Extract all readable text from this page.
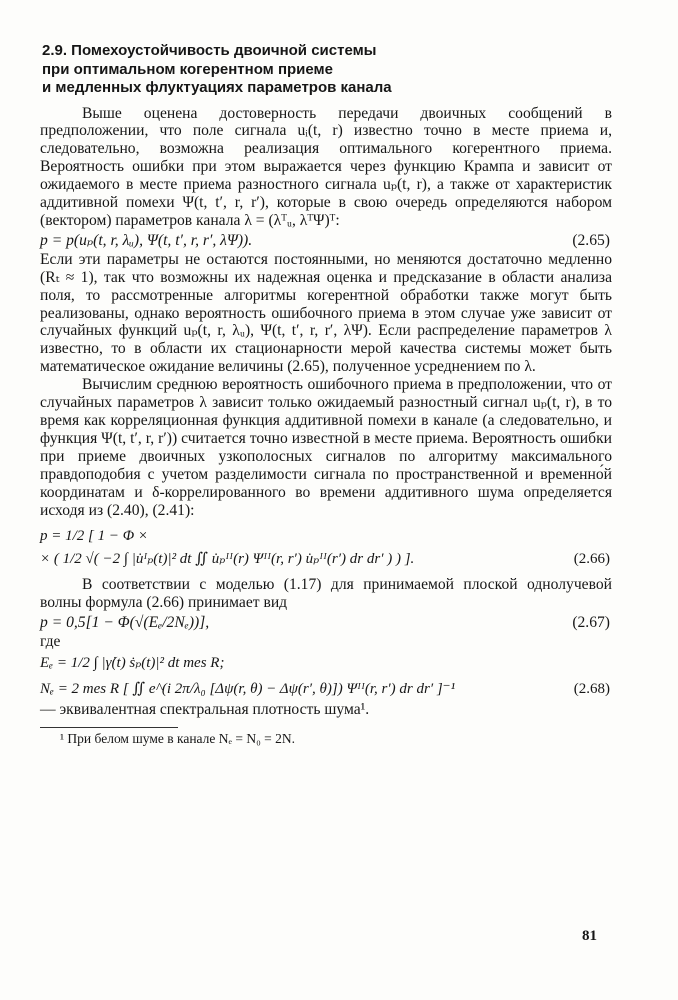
2.9. Помехоустойчивость двоичной системы
при оптимальном когерентном приеме
и медленных флуктуациях параметров канала

Выше оценена достоверность передачи двоичных сообщений в предположении, что поле сигнала uᵢ(t, r) известно точно в месте приема и, следовательно, возможна реализация оптимального когерентного приема. Вероятность ошибки при этом выражается через функцию Крампа и зависит от ожидаемого в месте приема разностного сигнала uₚ(t, r), а также от характеристик аддитивной помехи Ψ(t, t′, r, r′), которые в свою очередь определяются набором (вектором) параметров канала λ = (λᵀᵤ, λᵀΨ)ᵀ:

p = p(uₚ(t, r, λᵤ), Ψ(t, t′, r, r′, λΨ)).	(2.65)

Если эти параметры не остаются постоянными, но меняются достаточно медленно (Rₜ ≈ 1), так что возможны их надежная оценка и предсказание в области анализа поля, то рассмотренные алгоритмы когерентной обработки также могут быть реализованы, однако вероятность ошибочного приема в этом случае уже зависит от случайных функций uₚ(t, r, λᵤ), Ψ(t, t′, r, r′, λΨ). Если распределение параметров λ известно, то в области их стационарности мерой качества системы может быть математическое ожидание величины (2.65), полученное усреднением по λ.

Вычислим среднюю вероятность ошибочного приема в предположении, что от случайных параметров λ зависит только ожидаемый разностный сигнал uₚ(t, r), в то время как корреляционная функция аддитивной помехи в канале (а следовательно, и функция Ψ(t, t′, r, r′)) считается точно известной в месте приема. Вероятность ошибки при приеме двоичных узкополосных сигналов по алгоритму максимального правдоподобия с учетом разделимости сигнала по пространственной и временно́й координатам и δ-коррелированного во времени аддитивного шума определяется исходя из (2.40), (2.41):

p = 1/2 [ 1 − Φ ×
× ( 1/2 √( −2 ∫ |u̇ᴵₚ(t)|² dt ∬ u̇ₚᴵᴵ(r) Ψᴵᴵ(r, r′) u̇ₚᴵᴵ(r′) dr dr′ ) ) ].	(2.66)

В соответствии с моделью (1.17) для принимаемой плоской однолучевой волны формула (2.66) принимает вид

p = 0,5[1 − Φ(√(Eₑ/2Nₑ))],	(2.67)

где

Eₑ = 1/2 ∫ |γ̇(t) ṡₚ(t)|² dt mes R;
Nₑ = 2 mes R [ ∬ e^(i 2π/λ₀ [Δψ(r, θ) − Δψ(r′, θ)]) Ψᴵᴵ(r, r′) dr dr′ ]⁻¹	(2.68)

— эквивалентная спектральная плотность шума¹.

¹ При белом шуме в канале Nₑ = N₀ = 2N.
81
